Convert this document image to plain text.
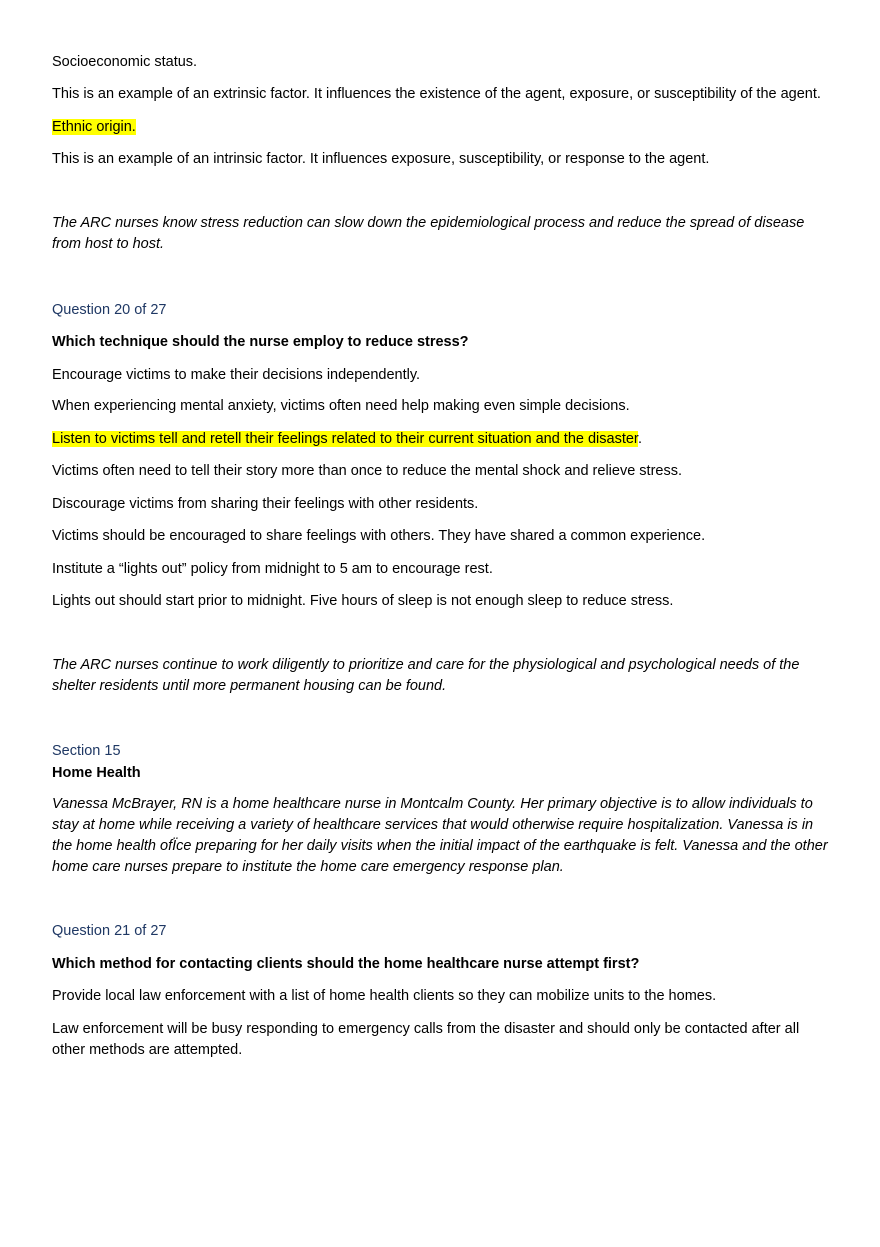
Socioeconomic status.
This is an example of an extrinsic factor. It influences the existence of the agent, exposure, or susceptibility of the agent.
Ethnic origin.
This is an example of an intrinsic factor. It influences exposure, susceptibility, or response to the agent.
The ARC nurses know stress reduction can slow down the epidemiological process and reduce the spread of disease from host to host.
Question 20 of 27
Which technique should the nurse employ to reduce stress?
Encourage victims to make their decisions independently.
When experiencing mental anxiety, victims often need help making even simple decisions.
Listen to victims tell and retell their feelings related to their current situation and the disaster.
Victims often need to tell their story more than once to reduce the mental shock and relieve stress.
Discourage victims from sharing their feelings with other residents.
Victims should be encouraged to share feelings with others. They have shared a common experience.
Institute a “lights out” policy from midnight to 5 am to encourage rest.
Lights out should start prior to midnight. Five hours of sleep is not enough sleep to reduce stress.
The ARC nurses continue to work diligently to prioritize and care for the physiological and psychological needs of the shelter residents until more permanent housing can be found.
Section 15
Home Health
Vanessa McBrayer, RN is a home healthcare nurse in Montcalm County. Her primary objective is to allow individuals to stay at home while receiving a variety of healthcare services that would otherwise require hospitalization. Vanessa is in the home health ofÏce preparing for her daily visits when the initial impact of the earthquake is felt. Vanessa and the other home care nurses prepare to institute the home care emergency response plan.
Question 21 of 27
Which method for contacting clients should the home healthcare nurse attempt first?
Provide local law enforcement with a list of home health clients so they can mobilize units to the homes.
Law enforcement will be busy responding to emergency calls from the disaster and should only be contacted after all other methods are attempted.
